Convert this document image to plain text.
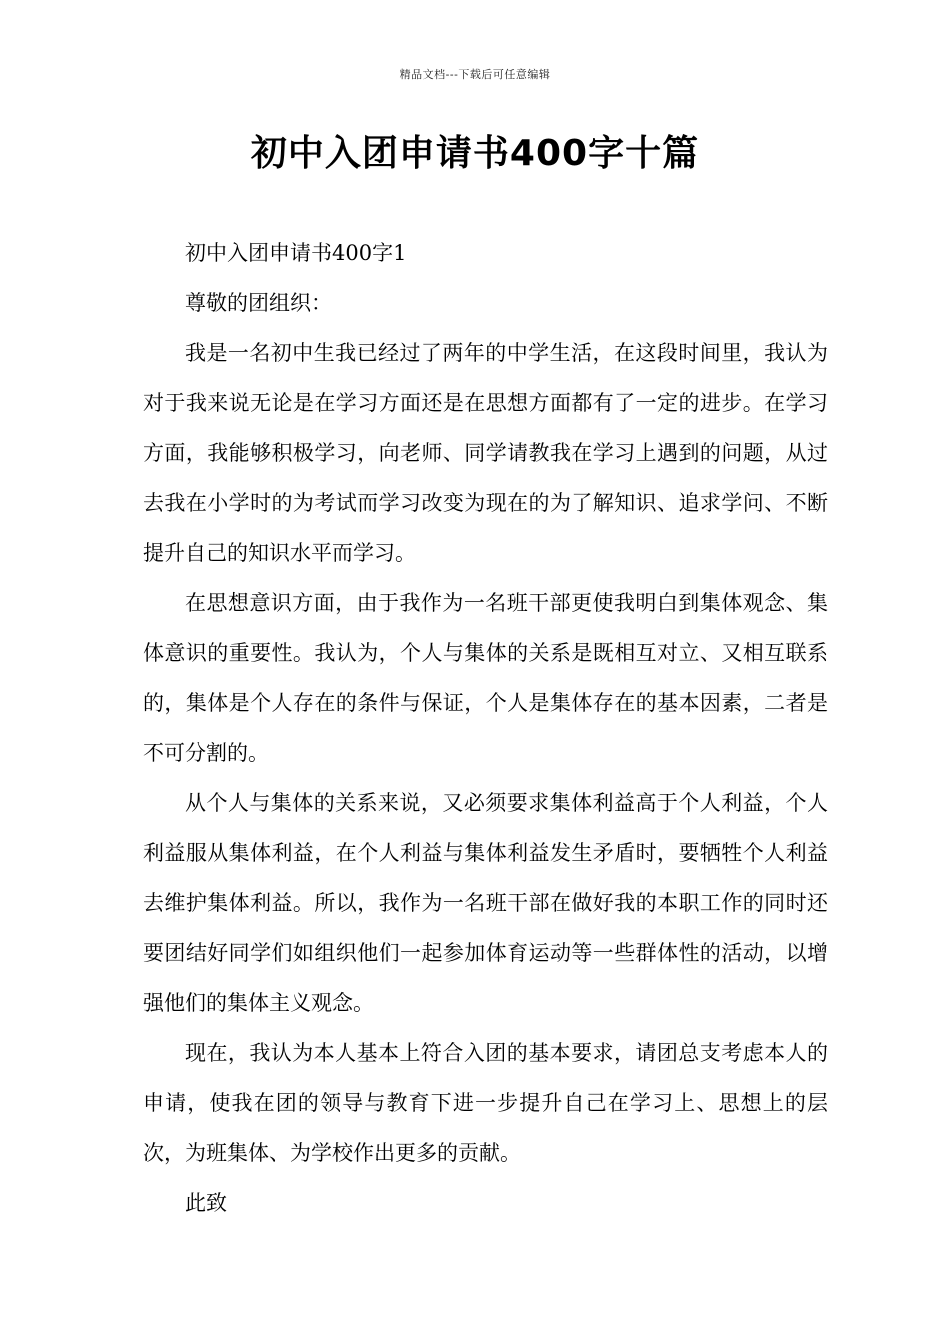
精品文档---下载后可任意编辑
初中入团申请书400字十篇

初中入团申请书400字1

尊敬的团组织：

我是一名初中生我已经过了两年的中学生活，在这段时间里，我认为对于我来说无论是在学习方面还是在思想方面都有了一定的进步。在学习方面，我能够积极学习，向老师、同学请教我在学习上遇到的问题，从过去我在小学时的为考试而学习改变为现在的为了解知识、追求学问、不断提升自己的知识水平而学习。

在思想意识方面，由于我作为一名班干部更使我明白到集体观念、集体意识的重要性。我认为，个人与集体的关系是既相互对立、又相互联系的，集体是个人存在的条件与保证，个人是集体存在的基本因素，二者是不可分割的。

从个人与集体的关系来说，又必须要求集体利益高于个人利益，个人利益服从集体利益，在个人利益与集体利益发生矛盾时，要牺牲个人利益去维护集体利益。所以，我作为一名班干部在做好我的本职工作的同时还要团结好同学们如组织他们一起参加体育运动等一些群体性的活动，以增强他们的集体主义观念。

现在，我认为本人基本上符合入团的基本要求，请团总支考虑本人的申请，使我在团的领导与教育下进一步提升自己在学习上、思想上的层次，为班集体、为学校作出更多的贡献。

此致
